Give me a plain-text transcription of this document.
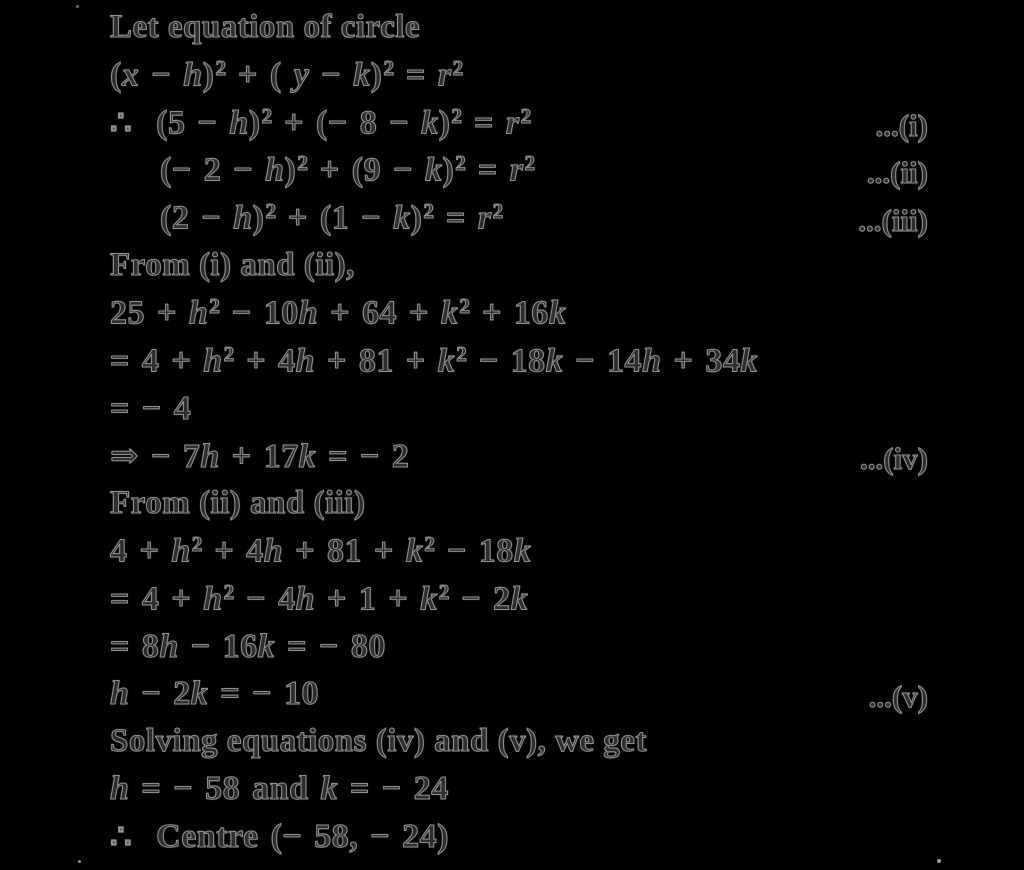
Let equation of circle
$(x - h)^2$ + ( $y - k)^2 = r^2$
∴ $(5 - h)^2$ + (− $8 - k)^2 = r^2$	...(i)
(− $2 - h)^2 + (9 - k)^2 = r^2$	...(ii)
$(2 - h)^2 + (1 - k)^2 = r^2$	...(iii)
From (i) and (ii),
$25 + h^2 - 10h + 64 + k^2 + 16k$
= $4 + h^2 + 4h + 81 + k^2 - 18k - 14h + 34k$
= − 4
⇒ − 7h + 17k = − 2	...(iv)
From (ii) and (iii)
$4 + h^2 + 4h + 81 + k^2 - 18k$
= $4 + h^2 - 4h + 1 + k^2 - 2k$
= 8h − 16k = − 80
h − 2k = − 10	...(v)
Solving equations (iv) and (v), we get
h = − 58 and k = − 24
∴ Centre (− 58, − 24)
